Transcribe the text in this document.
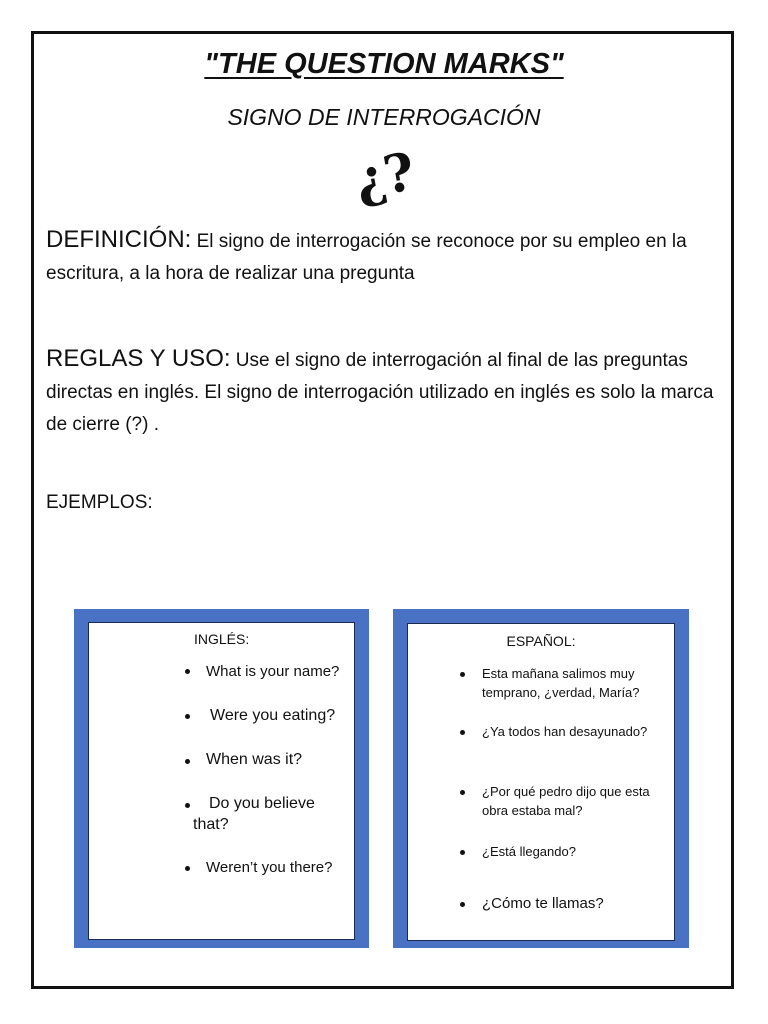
"THE QUESTION MARKS"
SIGNO DE INTERROGACIÓN
¿?
DEFINICIÓN: El signo de interrogación se reconoce por su empleo en la escritura, a la hora de realizar una pregunta
REGLAS Y USO: Use el signo de interrogación al final de las preguntas directas en inglés. El signo de interrogación utilizado en inglés es solo la marca de cierre (?) .
EJEMPLOS:
INGLÉS:
What is your name?
Were you eating?
When was it?
Do you believe that?
Weren’t you there?
ESPAÑOL:
Esta mañana salimos muy temprano, ¿verdad, María?
¿Ya todos han desayunado?
¿Por qué pedro dijo que esta obra estaba mal?
¿Está llegando?
¿Cómo te llamas?
